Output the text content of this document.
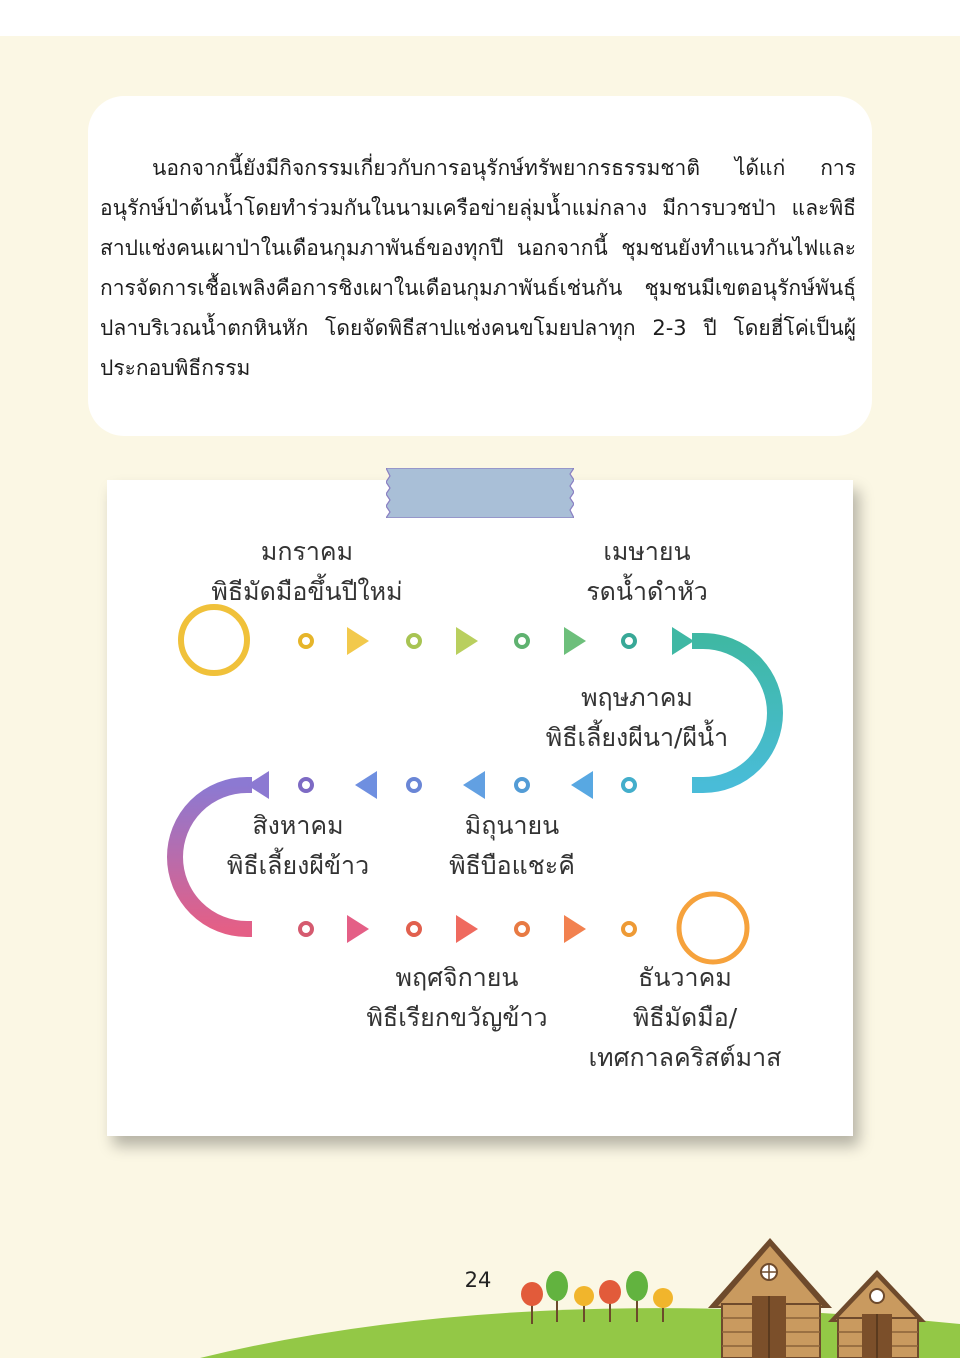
นอกจากนี้ยังมีกิจกรรมเกี่ยวกับการอนุรักษ์ทรัพยากรธรรมชาติ ได้แก่ การอนุรักษ์ป่าต้นน้ำโดยทำร่วมกันในนามเครือข่ายลุ่มน้ำแม่กลาง มีการบวชป่า และพิธีสาปแช่งคนเผาป่าในเดือนกุมภาพันธ์ของทุกปี นอกจากนี้ ชุมชนยังทำแนวกันไฟและการจัดการเชื้อเพลิงคือการชิงเผาในเดือนกุมภาพันธ์เช่นกัน ชุมชนมีเขตอนุรักษ์พันธุ์ปลาบริเวณน้ำตกหินหัก โดยจัดพิธีสาปแช่งคนขโมยปลาทุก 2-3 ปี โดยฮี่โค่เป็นผู้ประกอบพิธีกรรม

มกราคม
พิธีมัดมือขึ้นปีใหม่
เมษายน
รดน้ำดำหัว
พฤษภาคม
พิธีเลี้ยงผีนา/ผีน้ำ
มิถุนายน
พิธีบือแชะคี
สิงหาคม
พิธีเลี้ยงผีข้าว
พฤศจิกายน
พิธีเรียกขวัญข้าว
ธันวาคม
พิธีมัดมือ/
เทศกาลคริสต์มาส
24
